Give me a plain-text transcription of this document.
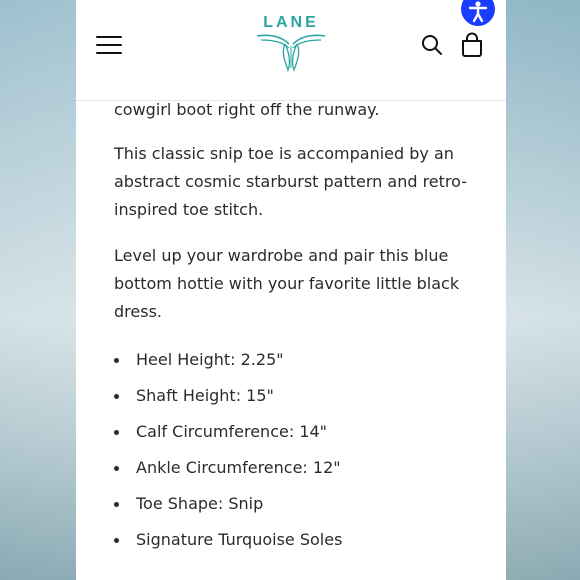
LANE

cowgirl boot right off the runway.

This classic snip toe is accompanied by an abstract cosmic starburst pattern and retro-inspired toe stitch.

Level up your wardrobe and pair this blue bottom hottie with your favorite little black dress.

Heel Height: 2.25"
Shaft Height: 15"
Calf Circumference: 14"
Ankle Circumference: 12"
Toe Shape: Snip
Signature Turquoise Soles
